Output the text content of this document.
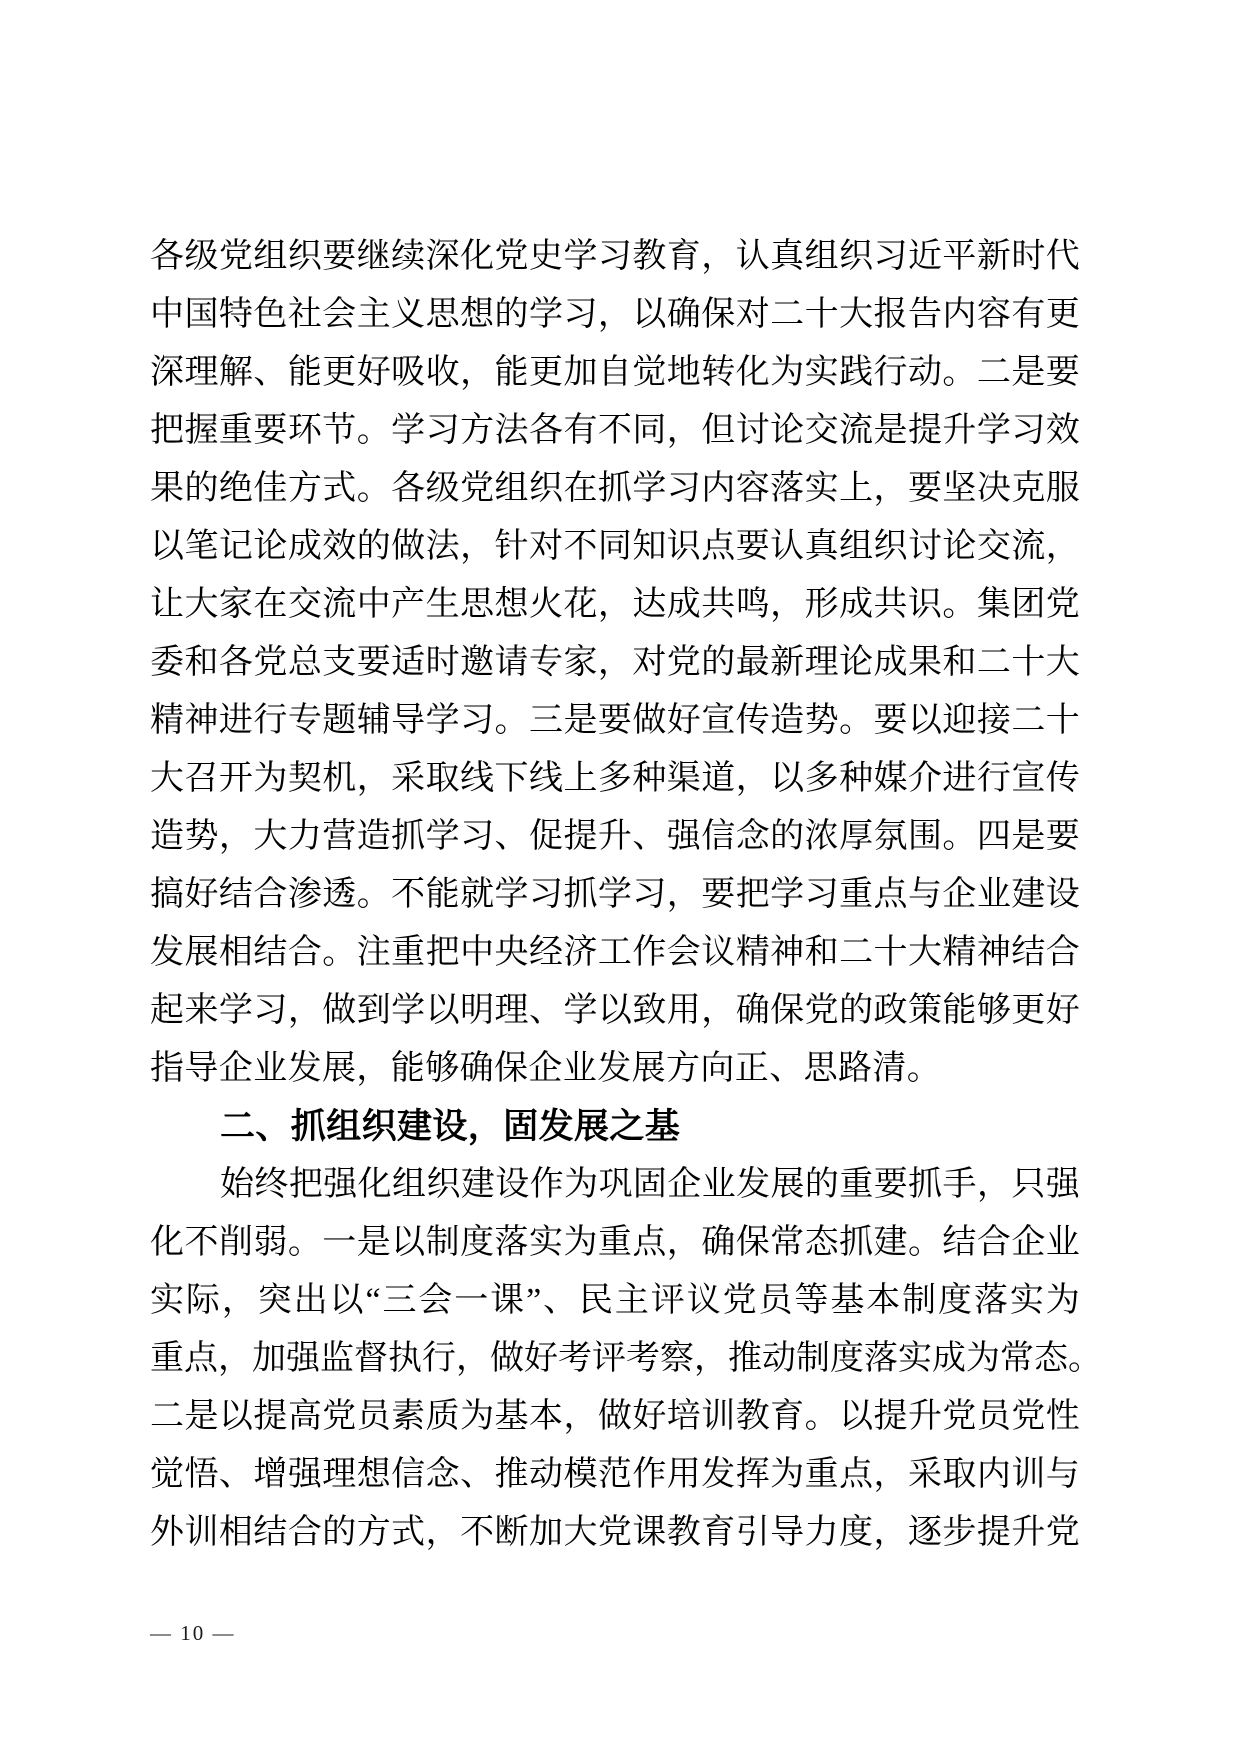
各 级 党 组 织 要 继 续 深 化 党 史 学 习 教 育 ， 认 真 组 织 习 近 平 新 时 代
中 国 特 色 社 会 主 义 思 想 的 学 习 ， 以 确 保 对 二 十 大 报 告 内 容 有 更
深 理 解 、 能 更 好 吸 收 ， 能 更 加 自 觉 地 转 化 为 实 践 行 动 。 二 是 要
把 握 重 要 环 节 。 学 习 方 法 各 有 不 同 ， 但 讨 论 交 流 是 提 升 学 习 效
果 的 绝 佳 方 式 。 各 级 党 组 织 在 抓 学 习 内 容 落 实 上 ， 要 坚 决 克 服
以 笔 记 论 成 效 的 做 法 ， 针 对 不 同 知 识 点 要 认 真 组 织 讨 论 交 流 ，
让 大 家 在 交 流 中 产 生 思 想 火 花 ， 达 成 共 鸣 ， 形 成 共 识 。 集 团 党
委 和 各 党 总 支 要 适 时 邀 请 专 家 ， 对 党 的 最 新 理 论 成 果 和 二 十 大
精 神 进 行 专 题 辅 导 学 习 。 三 是 要 做 好 宣 传 造 势 。 要 以 迎 接 二 十
大 召 开 为 契 机 ， 采 取 线 下 线 上 多 种 渠 道 ， 以 多 种 媒 介 进 行 宣 传
造 势 ， 大 力 营 造 抓 学 习 、 促 提 升 、 强 信 念 的 浓 厚 氛 围 。 四 是 要
搞 好 结 合 渗 透 。 不 能 就 学 习 抓 学 习 ， 要 把 学 习 重 点 与 企 业 建 设
发 展 相 结 合 。 注 重 把 中 央 经 济 工 作 会 议 精 神 和 二 十 大 精 神 结 合
起 来 学 习 ， 做 到 学 以 明 理 、 学 以 致 用 ， 确 保 党 的 政 策 能 够 更 好
指导企业发展，能够确保企业发展方向正、思路清。
二、抓组织建设，固发展之基
始 终 把 强 化 组 织 建 设 作 为 巩 固 企 业 发 展 的 重 要 抓 手 ， 只 强
化 不 削 弱 。 一 是 以 制 度 落 实 为 重 点 ， 确 保 常 态 抓 建 。 结 合 企 业
实 际 ， 突 出 以 “ 三 会 一 课 ” 、 民 主 评 议 党 员 等 基 本 制 度 落 实 为
重 点 ， 加 强 监 督 执 行 ， 做 好 考 评 考 察 ， 推 动 制 度 落 实 成 为 常 态 。
二 是 以 提 高 党 员 素 质 为 基 本 ， 做 好 培 训 教 育 。 以 提 升 党 员 党 性
觉 悟 、 增 强 理 想 信 念 、 推 动 模 范 作 用 发 挥 为 重 点 ， 采 取 内 训 与
外 训 相 结 合 的 方 式 ， 不 断 加 大 党 课 教 育 引 导 力 度 ， 逐 步 提 升 党
— 10 —
